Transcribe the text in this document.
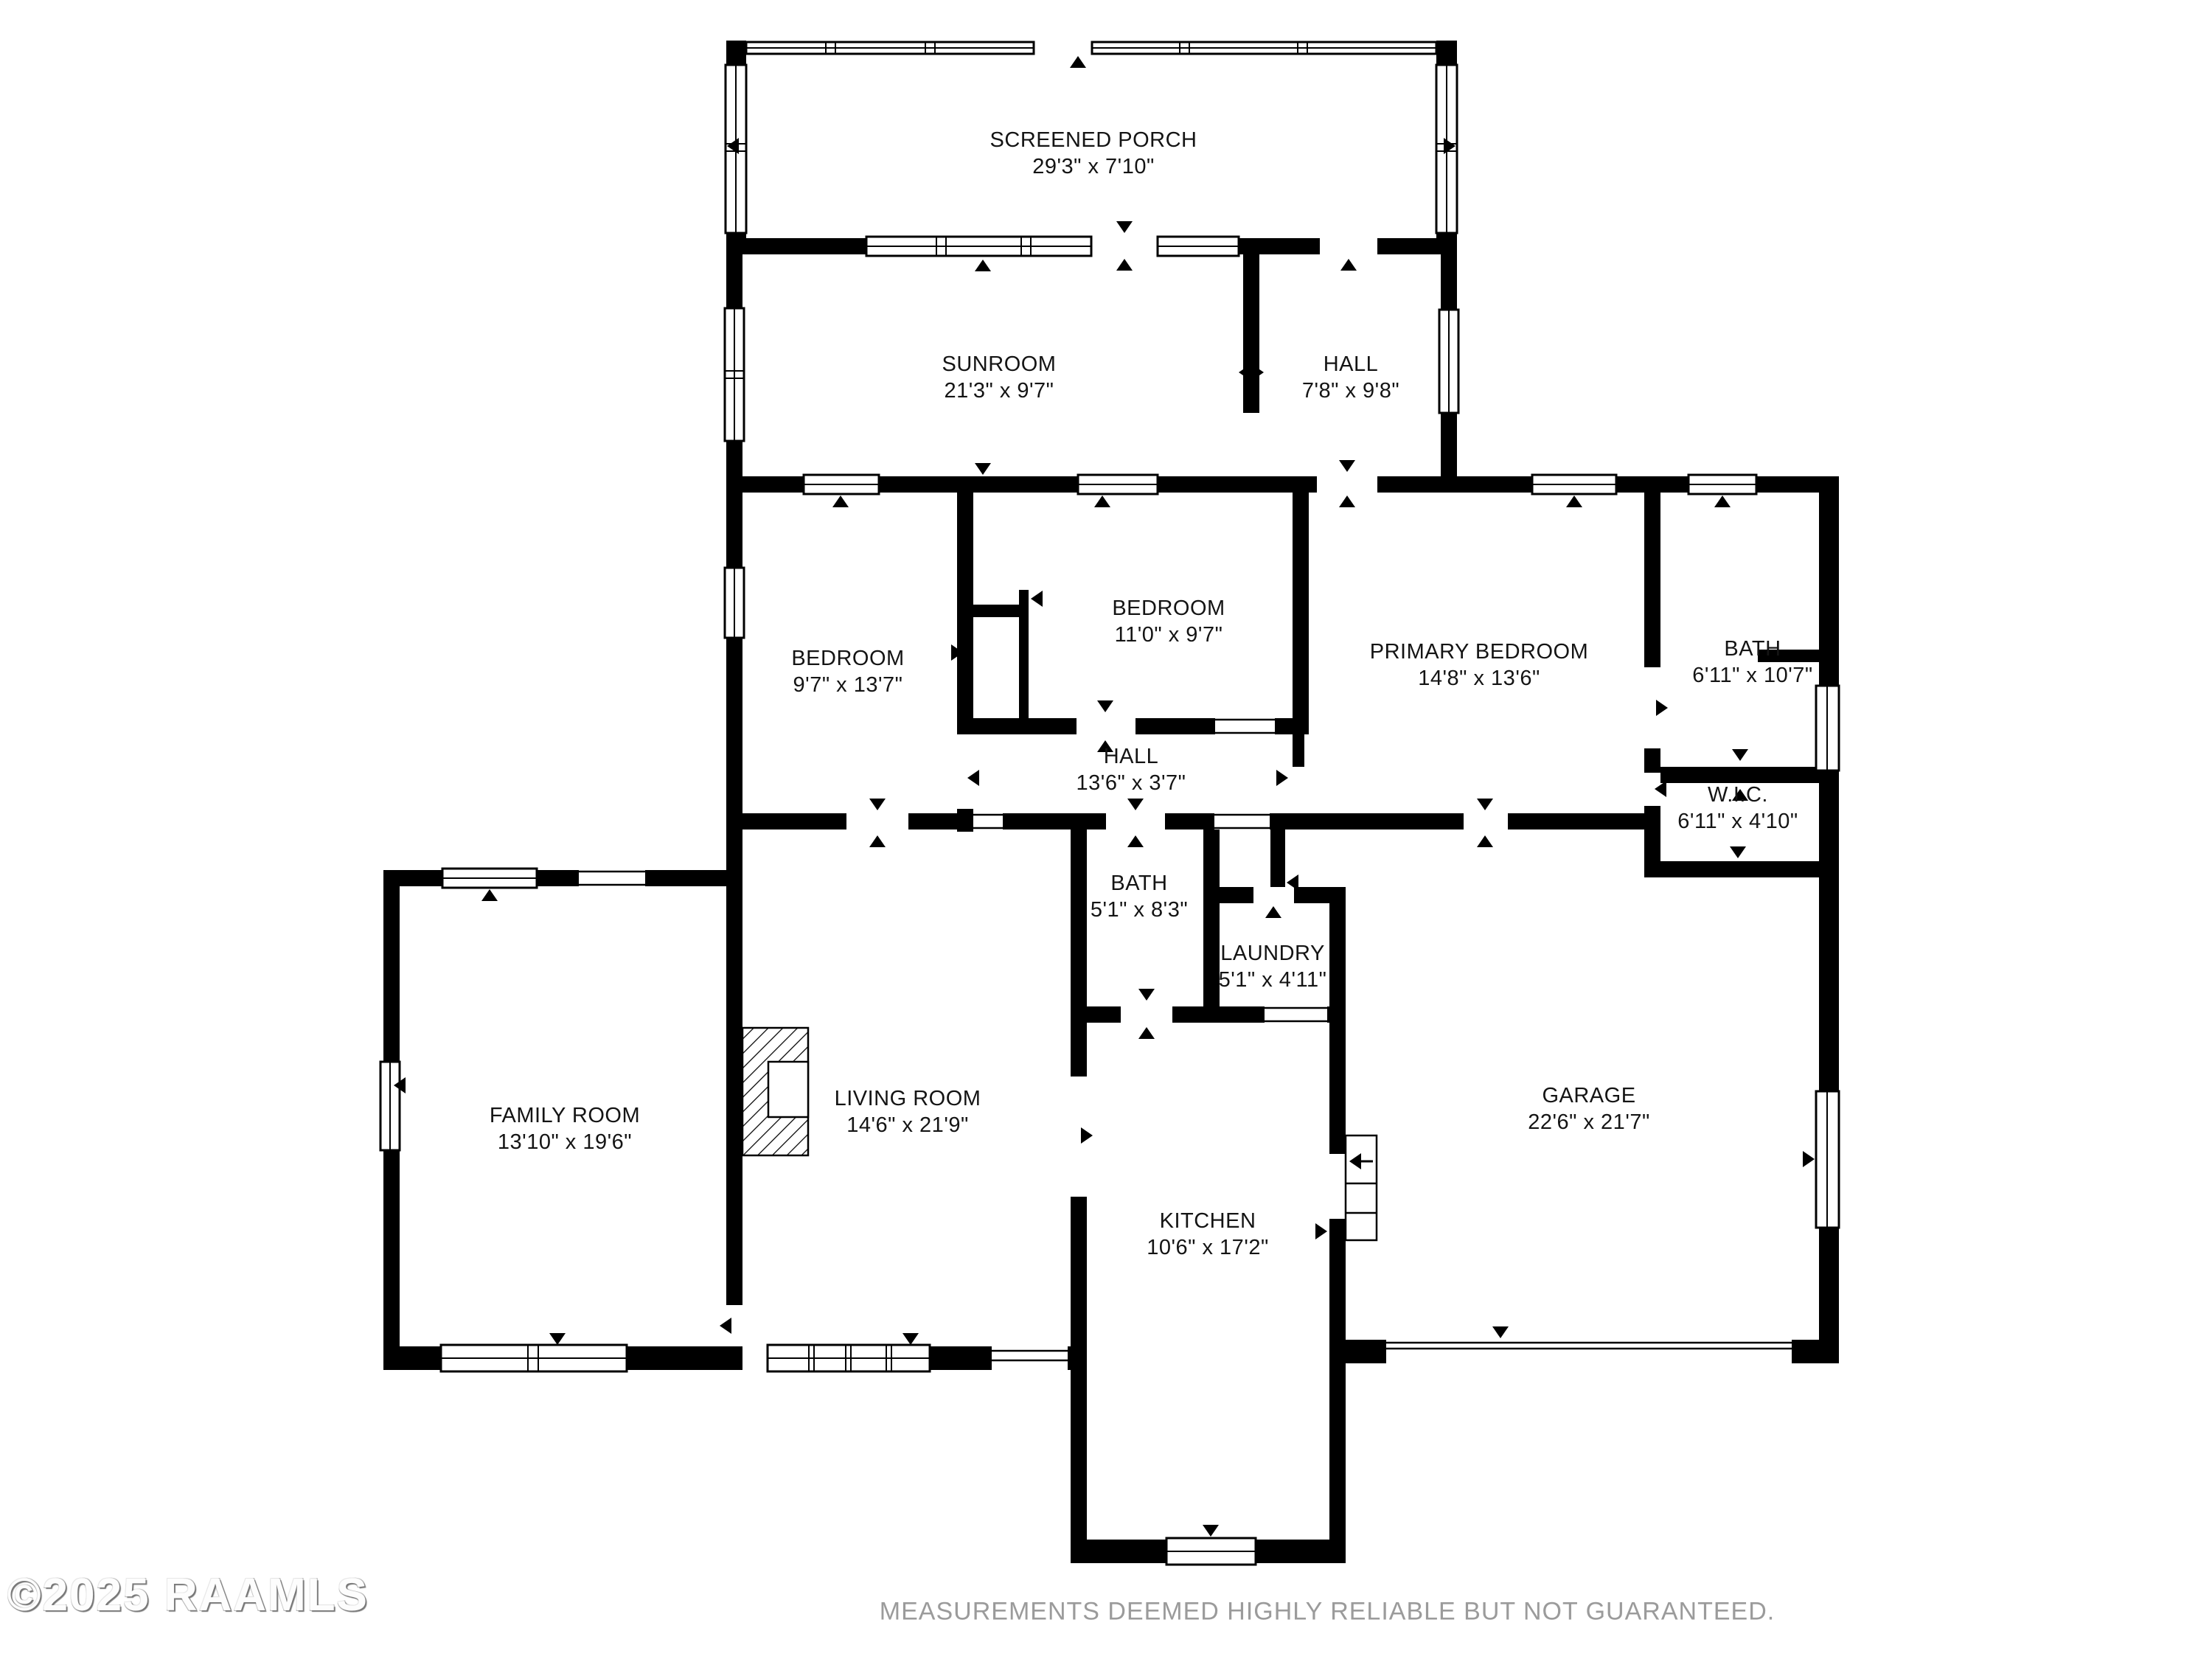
SCREENED PORCH
29'3" x 7'10"
SUNROOM
21'3" x 9'7"
HALL
7'8" x 9'8"
BEDROOM
9'7" x 13'7"
BEDROOM
11'0" x 9'7"
PRIMARY BEDROOM
14'8" x 13'6"
BATH
6'11" x 10'7"
HALL
13'6" x 3'7"	W.I.C.
6'11" x 4'10"
BATH
5'1" x 8'3"
LAUNDRY
5'1" x 4'11"
FAMILY ROOM
13'10" x 19'6"
LIVING ROOM
14'6" x 21'9"
KITCHEN
10'6" x 17'2"
GARAGE
22'6" x 21'7"
©2025 RAAMLS	MEASUREMENTS DEEMED HIGHLY RELIABLE BUT NOT GUARANTEED.
